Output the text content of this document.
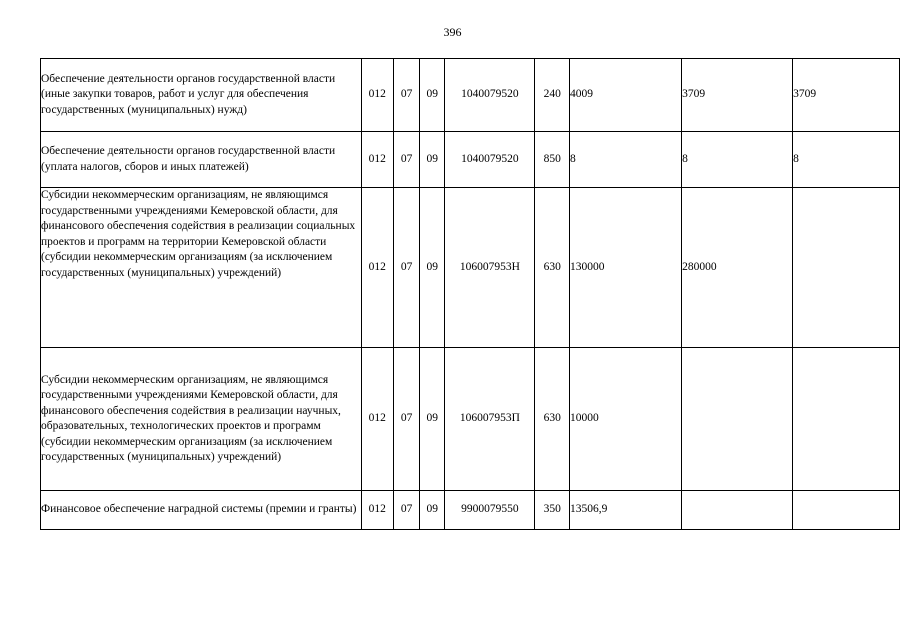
396
Обеспечение деятельности органов государственной власти (иные закупки товаров, работ и услуг для обеспечения государственных (муниципальных) нужд)	012	07	09	1040079520	240	4009	3709	3709
Обеспечение деятельности органов государственной власти (уплата налогов, сборов и иных платежей)	012	07	09	1040079520	850	8	8	8
Субсидии некоммерческим организациям, не являющимся государственными учреждениями Кемеровской области, для финансового обеспечения содействия в реализации социальных проектов и программ на территории Кемеровской области (субсидии некоммерческим организациям (за исключением государственных (муниципальных) учреждений)	012	07	09	106007953Н	630	130000	280000	
Субсидии некоммерческим организациям, не являющимся государственными учреждениями Кемеровской области, для финансового обеспечения содействия в реализации научных, образовательных, технологических проектов и программ (субсидии некоммерческим организациям (за исключением государственных (муниципальных) учреждений)	012	07	09	106007953П	630	10000		
Финансовое обеспечение наградной системы (премии и гранты)	012	07	09	9900079550	350	13506,9		
